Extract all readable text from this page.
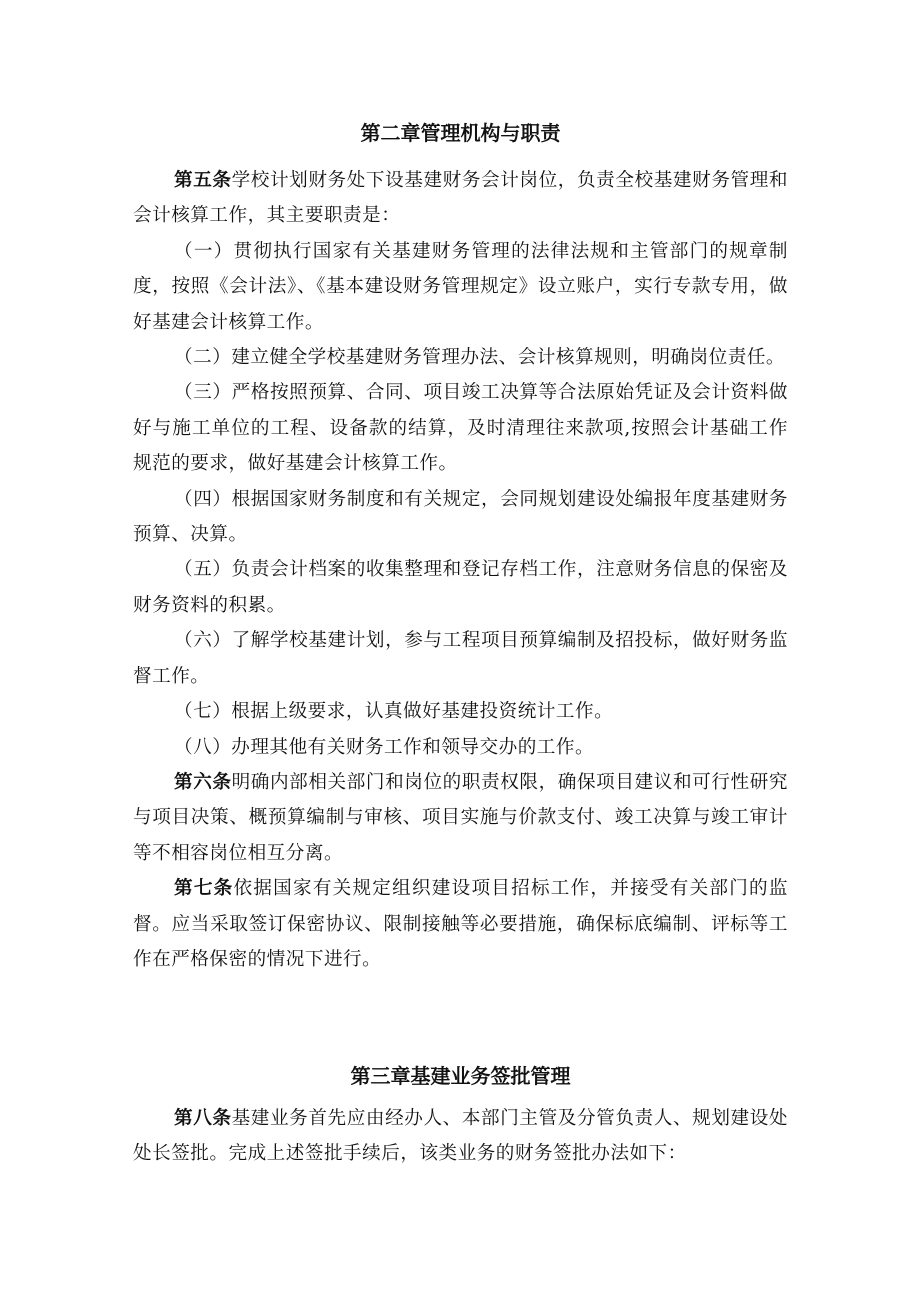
第二章管理机构与职责

第五条学校计划财务处下设基建财务会计岗位，负责全校基建财务管理和会计核算工作，其主要职责是：

（一）贯彻执行国家有关基建财务管理的法律法规和主管部门的规章制度，按照《会计法》、《基本建设财务管理规定》设立账户，实行专款专用，做好基建会计核算工作。

（二）建立健全学校基建财务管理办法、会计核算规则，明确岗位责任。

（三）严格按照预算、合同、项目竣工决算等合法原始凭证及会计资料做好与施工单位的工程、设备款的结算，及时清理往来款项,按照会计基础工作规范的要求，做好基建会计核算工作。

（四）根据国家财务制度和有关规定，会同规划建设处编报年度基建财务预算、决算。

（五）负责会计档案的收集整理和登记存档工作，注意财务信息的保密及财务资料的积累。

（六）了解学校基建计划，参与工程项目预算编制及招投标，做好财务监督工作。

（七）根据上级要求，认真做好基建投资统计工作。

（八）办理其他有关财务工作和领导交办的工作。

第六条明确内部相关部门和岗位的职责权限，确保项目建议和可行性研究与项目决策、概预算编制与审核、项目实施与价款支付、竣工决算与竣工审计等不相容岗位相互分离。

第七条依据国家有关规定组织建设项目招标工作，并接受有关部门的监督。应当采取签订保密协议、限制接触等必要措施，确保标底编制、评标等工作在严格保密的情况下进行。

第三章基建业务签批管理

第八条基建业务首先应由经办人、本部门主管及分管负责人、规划建设处处长签批。完成上述签批手续后，该类业务的财务签批办法如下：
